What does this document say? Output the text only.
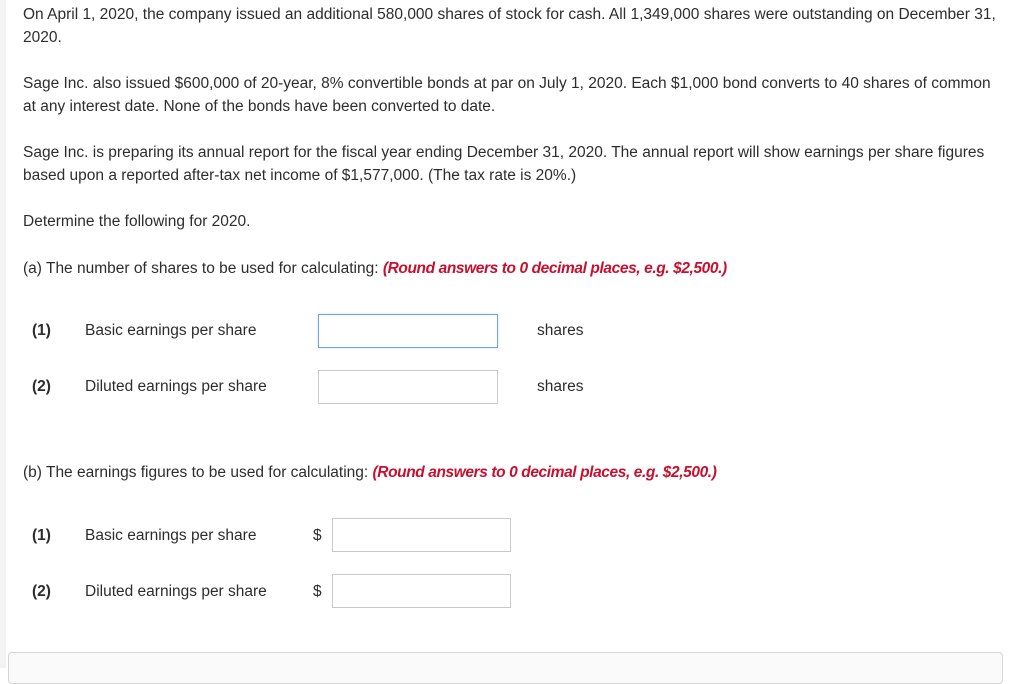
On April 1, 2020, the company issued an additional 580,000 shares of stock for cash. All 1,349,000 shares were outstanding on December 31, 2020.

Sage Inc. also issued $600,000 of 20-year, 8% convertible bonds at par on July 1, 2020. Each $1,000 bond converts to 40 shares of common at any interest date. None of the bonds have been converted to date.

Sage Inc. is preparing its annual report for the fiscal year ending December 31, 2020. The annual report will show earnings per share figures based upon a reported after-tax net income of $1,577,000. (The tax rate is 20%.)

Determine the following for 2020.

(a) The number of shares to be used for calculating: (Round answers to 0 decimal places, e.g. $2,500.)

(1) Basic earnings per share	shares
(2) Diluted earnings per share	shares

(b) The earnings figures to be used for calculating: (Round answers to 0 decimal places, e.g. $2,500.)

(1) Basic earnings per share	$
(2) Diluted earnings per share	$
